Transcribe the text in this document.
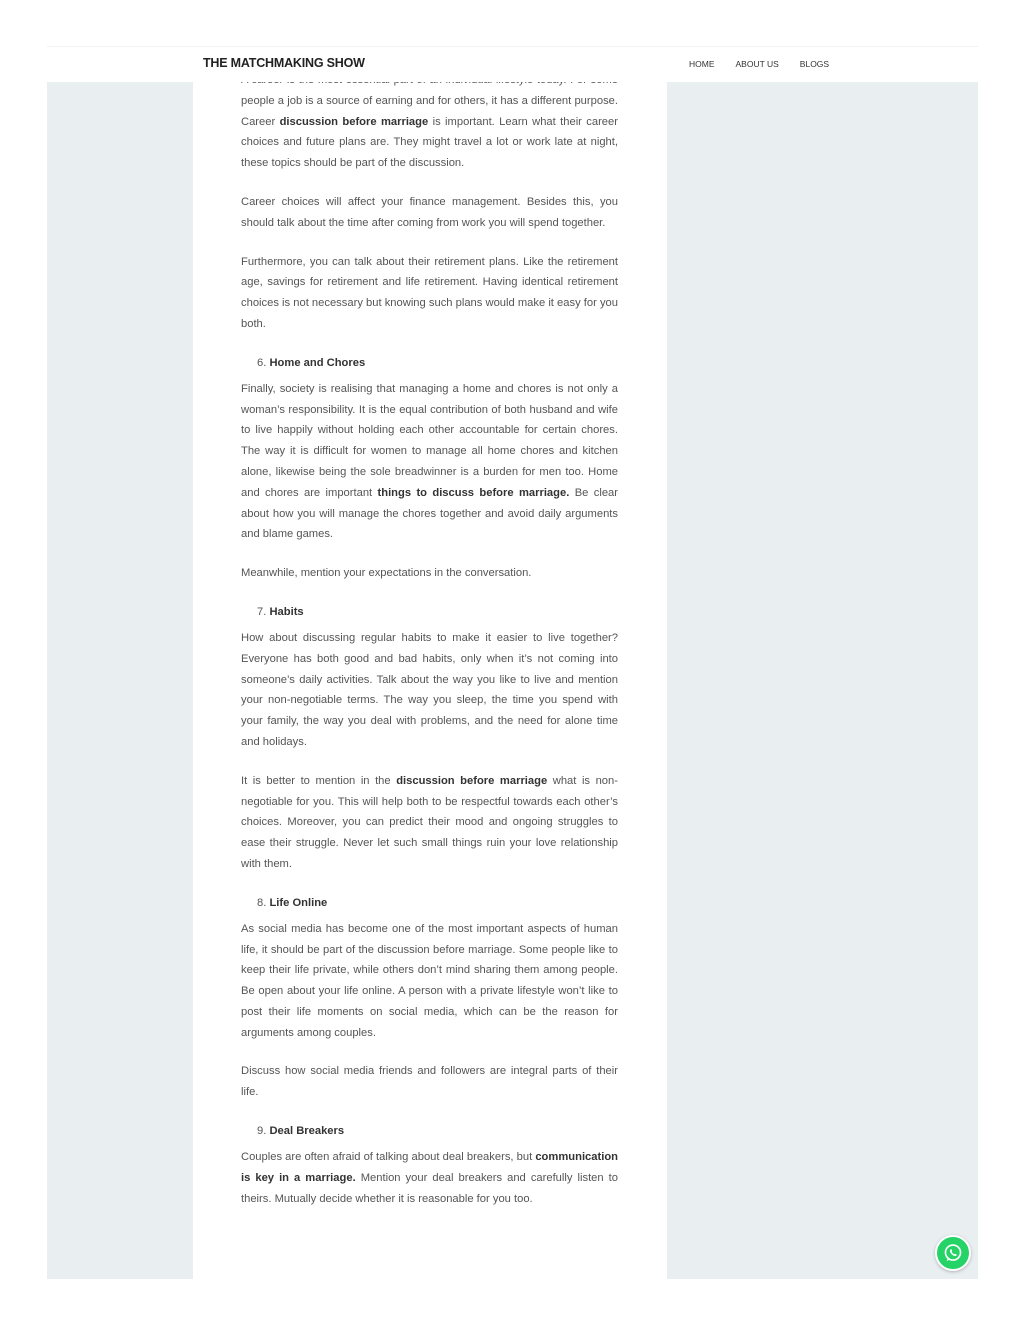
THE MATCHMAKING SHOW	HOME ABOUT US BLOGS

people a job is a source of earning and for others, it has a different purpose. Career discussion before marriage is important. Learn what their career choices and future plans are. They might travel a lot or work late at night, these topics should be part of the discussion.

Career choices will affect your finance management. Besides this, you should talk about the time after coming from work you will spend together.

Furthermore, you can talk about their retirement plans. Like the retirement age, savings for retirement and life retirement. Having identical retirement choices is not necessary but knowing such plans would make it easy for you both.

6. Home and Chores

Finally, society is realising that managing a home and chores is not only a woman’s responsibility. It is the equal contribution of both husband and wife to live happily without holding each other accountable for certain chores. The way it is difficult for women to manage all home chores and kitchen alone, likewise being the sole breadwinner is a burden for men too. Home and chores are important things to discuss before marriage. Be clear about how you will manage the chores together and avoid daily arguments and blame games.

Meanwhile, mention your expectations in the conversation.

7. Habits

How about discussing regular habits to make it easier to live together? Everyone has both good and bad habits, only when it’s not coming into someone’s daily activities. Talk about the way you like to live and mention your non-negotiable terms. The way you sleep, the time you spend with your family, the way you deal with problems, and the need for alone time and holidays.

It is better to mention in the discussion before marriage what is non-negotiable for you. This will help both to be respectful towards each other’s choices. Moreover, you can predict their mood and ongoing struggles to ease their struggle. Never let such small things ruin your love relationship with them.

8. Life Online

As social media has become one of the most important aspects of human life, it should be part of the discussion before marriage. Some people like to keep their life private, while others don’t mind sharing them among people. Be open about your life online. A person with a private lifestyle won’t like to post their life moments on social media, which can be the reason for arguments among couples.

Discuss how social media friends and followers are integral parts of their life.

9. Deal Breakers

Couples are often afraid of talking about deal breakers, but communication is key in a marriage. Mention your deal breakers and carefully listen to theirs. Mutually decide whether it is reasonable for you too.
